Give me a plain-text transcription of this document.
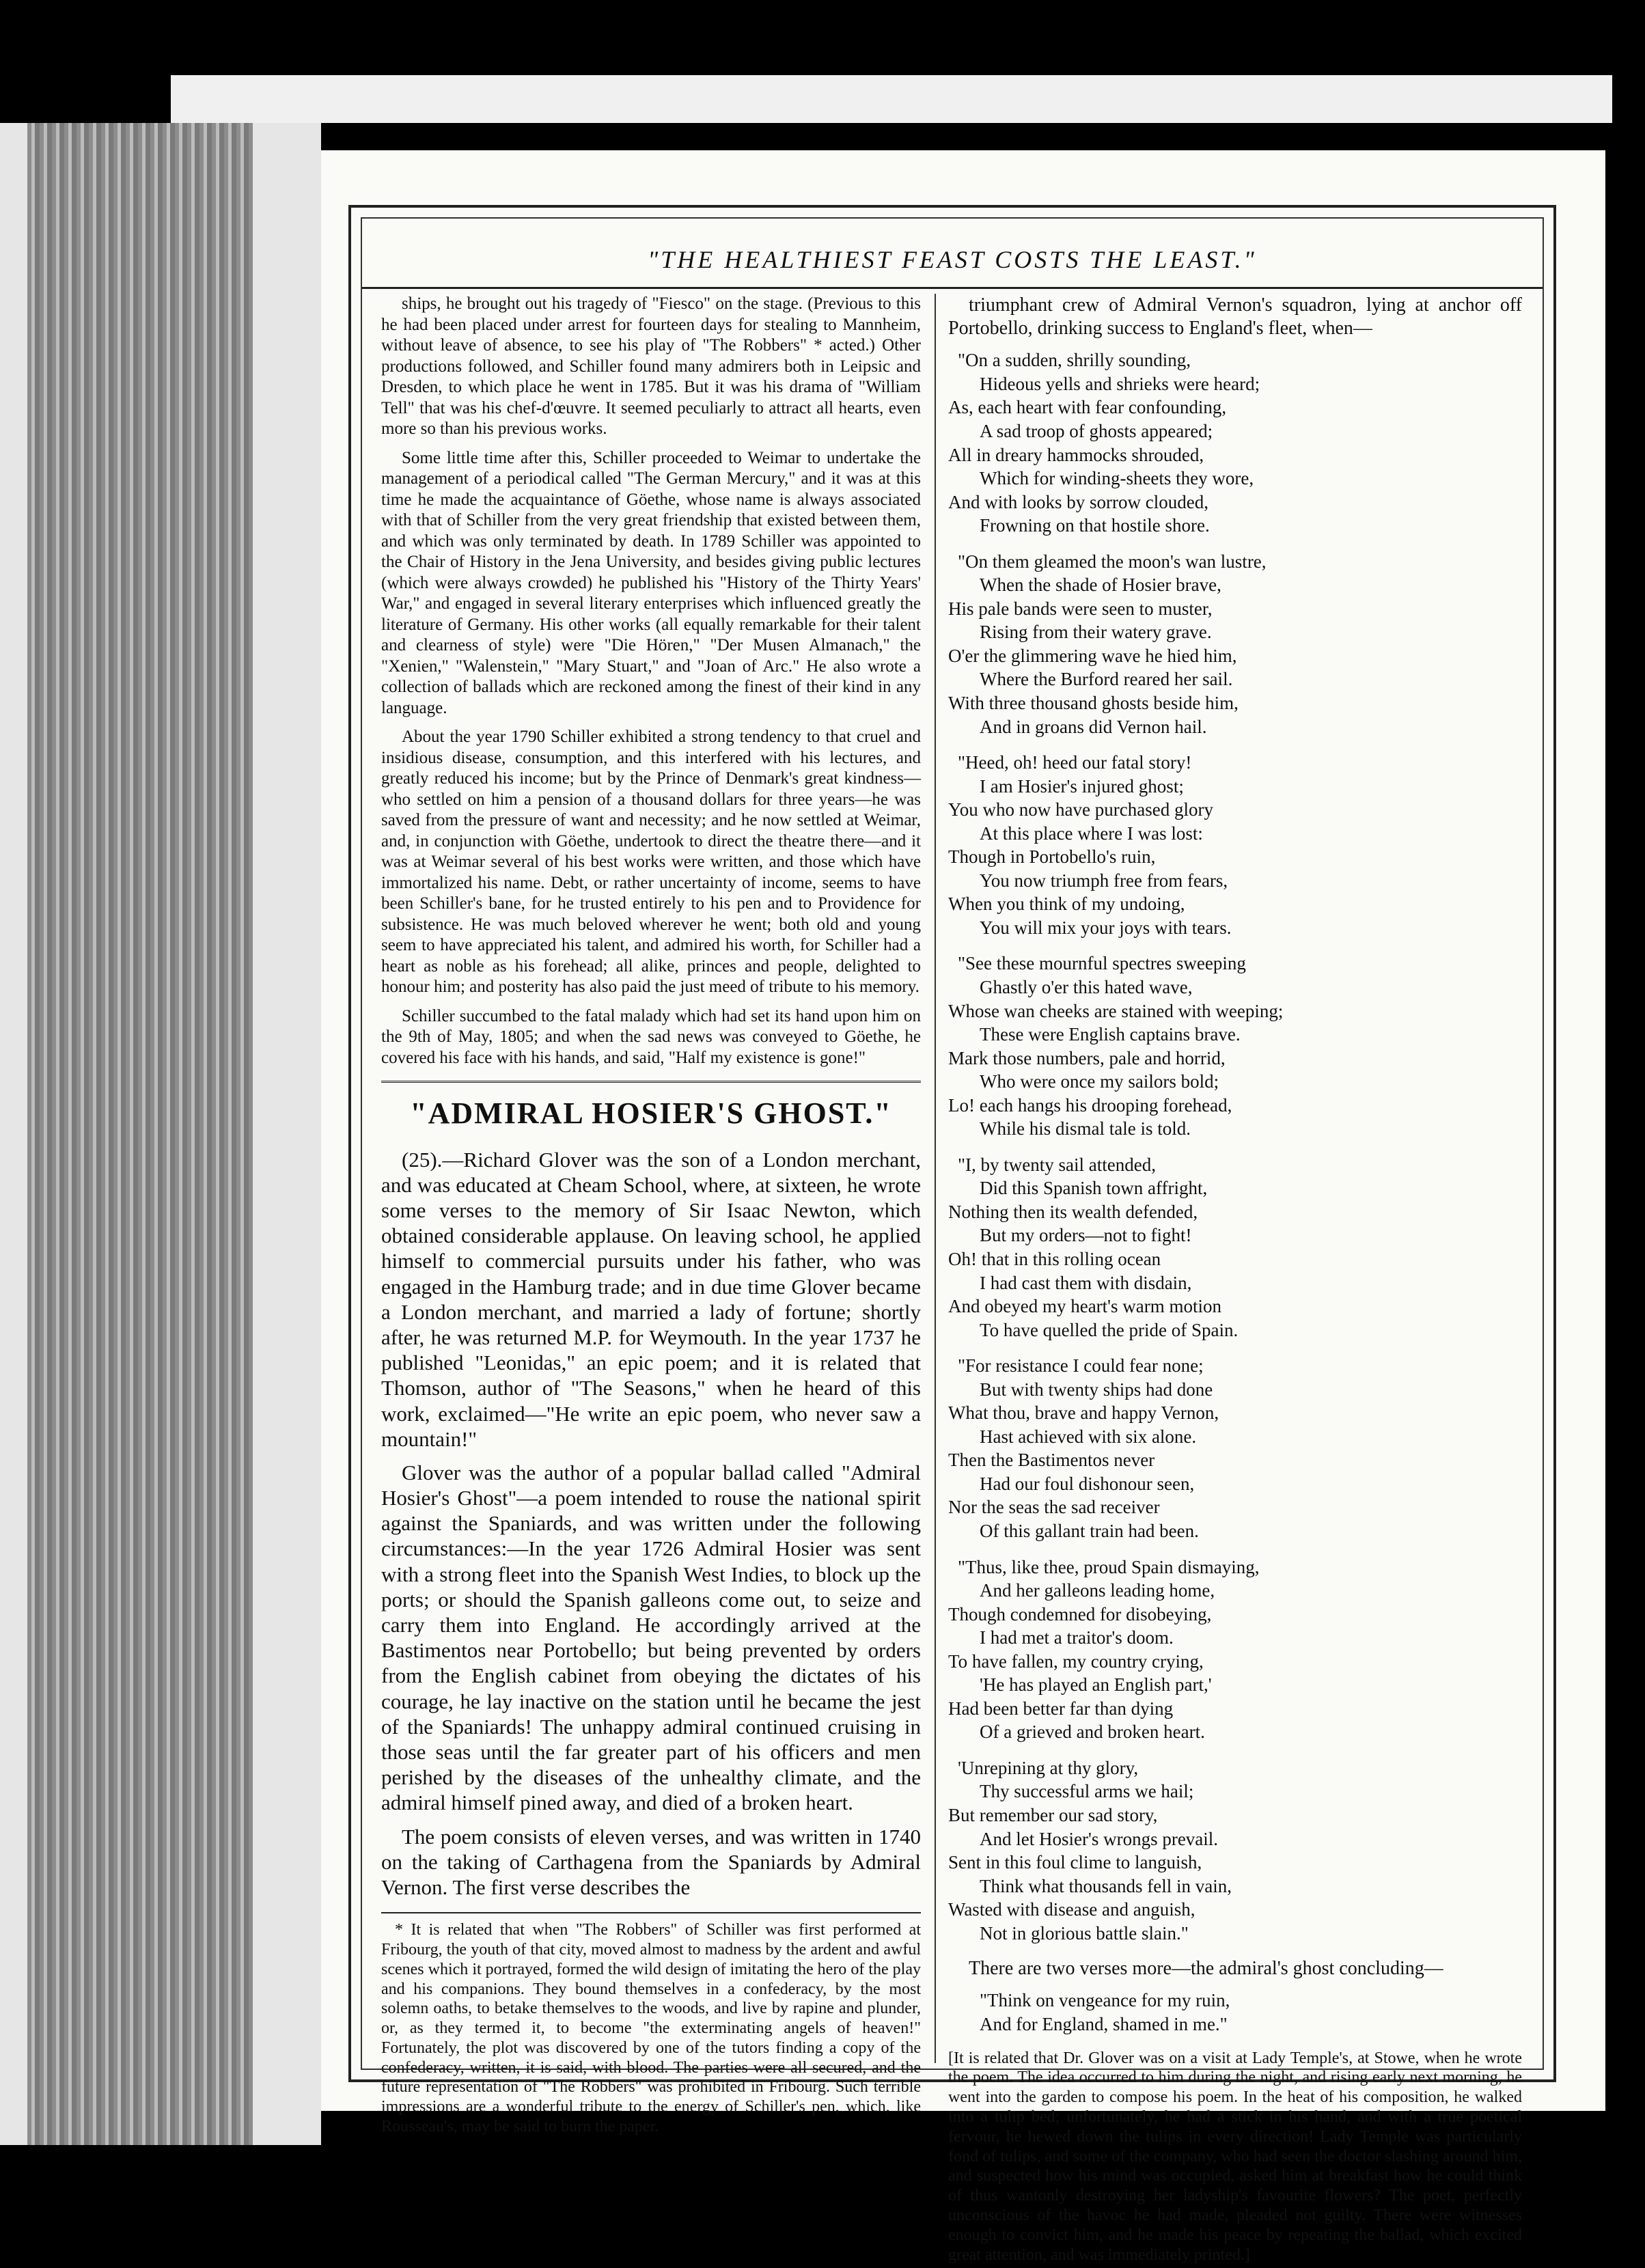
"THE HEALTHIEST FEAST COSTS THE LEAST."

ships, he brought out his tragedy of "Fiesco" on the stage. (Previous to this he had been placed under arrest for fourteen days for stealing to Mannheim, without leave of absence, to see his play of "The Robbers" * acted.) Other productions followed, and Schiller found many admirers both in Leipsic and Dresden, to which place he went in 1785. But it was his drama of "William Tell" that was his chef-d'œuvre. It seemed peculiarly to attract all hearts, even more so than his previous works.

Some little time after this, Schiller proceeded to Weimar to undertake the management of a periodical called "The German Mercury," and it was at this time he made the acquaintance of Göethe, whose name is always associated with that of Schiller from the very great friendship that existed between them, and which was only terminated by death. In 1789 Schiller was appointed to the Chair of History in the Jena University, and besides giving public lectures (which were always crowded) he published his "History of the Thirty Years' War," and engaged in several literary enterprises which influenced greatly the literature of Germany. His other works (all equally remarkable for their talent and clearness of style) were "Die Hören," "Der Musen Almanach," the "Xenien," "Walenstein," "Mary Stuart," and "Joan of Arc." He also wrote a collection of ballads which are reckoned among the finest of their kind in any language.

About the year 1790 Schiller exhibited a strong tendency to that cruel and insidious disease, consumption, and this interfered with his lectures, and greatly reduced his income; but by the Prince of Denmark's great kindness—who settled on him a pension of a thousand dollars for three years—he was saved from the pressure of want and necessity; and he now settled at Weimar, and, in conjunction with Göethe, undertook to direct the theatre there—and it was at Weimar several of his best works were written, and those which have immortalized his name. Debt, or rather uncertainty of income, seems to have been Schiller's bane, for he trusted entirely to his pen and to Providence for subsistence. He was much beloved wherever he went; both old and young seem to have appreciated his talent, and admired his worth, for Schiller had a heart as noble as his forehead; all alike, princes and people, delighted to honour him; and posterity has also paid the just meed of tribute to his memory.

Schiller succumbed to the fatal malady which had set its hand upon him on the 9th of May, 1805; and when the sad news was conveyed to Göethe, he covered his face with his hands, and said, "Half my existence is gone!"

"ADMIRAL HOSIER'S GHOST."

(25).—Richard Glover was the son of a London merchant, and was educated at Cheam School, where, at sixteen, he wrote some verses to the memory of Sir Isaac Newton, which obtained considerable applause. On leaving school, he applied himself to commercial pursuits under his father, who was engaged in the Hamburg trade; and in due time Glover became a London merchant, and married a lady of fortune; shortly after, he was returned M.P. for Weymouth. In the year 1737 he published "Leonidas," an epic poem; and it is related that Thomson, author of "The Seasons," when he heard of this work, exclaimed—"He write an epic poem, who never saw a mountain!"

Glover was the author of a popular ballad called "Admiral Hosier's Ghost"—a poem intended to rouse the national spirit against the Spaniards, and was written under the following circumstances:—In the year 1726 Admiral Hosier was sent with a strong fleet into the Spanish West Indies, to block up the ports; or should the Spanish galleons come out, to seize and carry them into England. He accordingly arrived at the Bastimentos near Portobello; but being prevented by orders from the English cabinet from obeying the dictates of his courage, he lay inactive on the station until he became the jest of the Spaniards! The unhappy admiral continued cruising in those seas until the far greater part of his officers and men perished by the diseases of the unhealthy climate, and the admiral himself pined away, and died of a broken heart.

The poem consists of eleven verses, and was written in 1740 on the taking of Carthagena from the Spaniards by Admiral Vernon. The first verse describes the

* It is related that when "The Robbers" of Schiller was first performed at Fribourg, the youth of that city, moved almost to madness by the ardent and awful scenes which it portrayed, formed the wild design of imitating the hero of the play and his companions. They bound themselves in a confederacy, by the most solemn oaths, to betake themselves to the woods, and live by rapine and plunder, or, as they termed it, to become "the exterminating angels of heaven!" Fortunately, the plot was discovered by one of the tutors finding a copy of the confederacy, written, it is said, with blood. The parties were all secured, and the future representation of "The Robbers" was prohibited in Fribourg. Such terrible impressions are a wonderful tribute to the energy of Schiller's pen, which, like Rousseau's, may be said to burn the paper.

triumphant crew of Admiral Vernon's squadron, lying at anchor off Portobello, drinking success to England's fleet, when—

"On a sudden, shrilly sounding,
Hideous yells and shrieks were heard;
As, each heart with fear confounding,
A sad troop of ghosts appeared;
All in dreary hammocks shrouded,
Which for winding-sheets they wore,
And with looks by sorrow clouded,
Frowning on that hostile shore.
"On them gleamed the moon's wan lustre,
When the shade of Hosier brave,
His pale bands were seen to muster,
Rising from their watery grave.
O'er the glimmering wave he hied him,
Where the Burford reared her sail.
With three thousand ghosts beside him,
And in groans did Vernon hail.
"Heed, oh! heed our fatal story!
I am Hosier's injured ghost;
You who now have purchased glory
At this place where I was lost:
Though in Portobello's ruin,
You now triumph free from fears,
When you think of my undoing,
You will mix your joys with tears.
"See these mournful spectres sweeping
Ghastly o'er this hated wave,
Whose wan cheeks are stained with weeping;
These were English captains brave.
Mark those numbers, pale and horrid,
Who were once my sailors bold;
Lo! each hangs his drooping forehead,
While his dismal tale is told.
"I, by twenty sail attended,
Did this Spanish town affright,
Nothing then its wealth defended,
But my orders—not to fight!
Oh! that in this rolling ocean
I had cast them with disdain,
And obeyed my heart's warm motion
To have quelled the pride of Spain.
"For resistance I could fear none;
But with twenty ships had done
What thou, brave and happy Vernon,
Hast achieved with six alone.
Then the Bastimentos never
Had our foul dishonour seen,
Nor the seas the sad receiver
Of this gallant train had been.
"Thus, like thee, proud Spain dismaying,
And her galleons leading home,
Though condemned for disobeying,
I had met a traitor's doom.
To have fallen, my country crying,
'He has played an English part,'
Had been better far than dying
Of a grieved and broken heart.
'Unrepining at thy glory,
Thy successful arms we hail;
But remember our sad story,
And let Hosier's wrongs prevail.
Sent in this foul clime to languish,
Think what thousands fell in vain,
Wasted with disease and anguish,
Not in glorious battle slain."

There are two verses more—the admiral's ghost concluding—

"Think on vengeance for my ruin,
And for England, shamed in me."
[It is related that Dr. Glover was on a visit at Lady Temple's, at Stowe, when he wrote the poem. The idea occurred to him during the night, and rising early next morning, he went into the garden to compose his poem. In the heat of his composition, he walked into a tulip bed; unfortunately, he had a stick in his hand, and with a true poetical fervour, he hewed down the tulips in every direction! Lady Temple was particularly fond of tulips, and some of the company, who had seen the doctor slashing around him, and suspected how his mind was occupied, asked him at breakfast how he could think of thus wantonly destroying her ladyship's favourite flowers? The poet, perfectly unconscious of the havoc he had made, pleaded not guilty. There were witnesses enough to convict him, and he made his peace by repeating the ballad, which excited great attention, and was immediately printed.]
